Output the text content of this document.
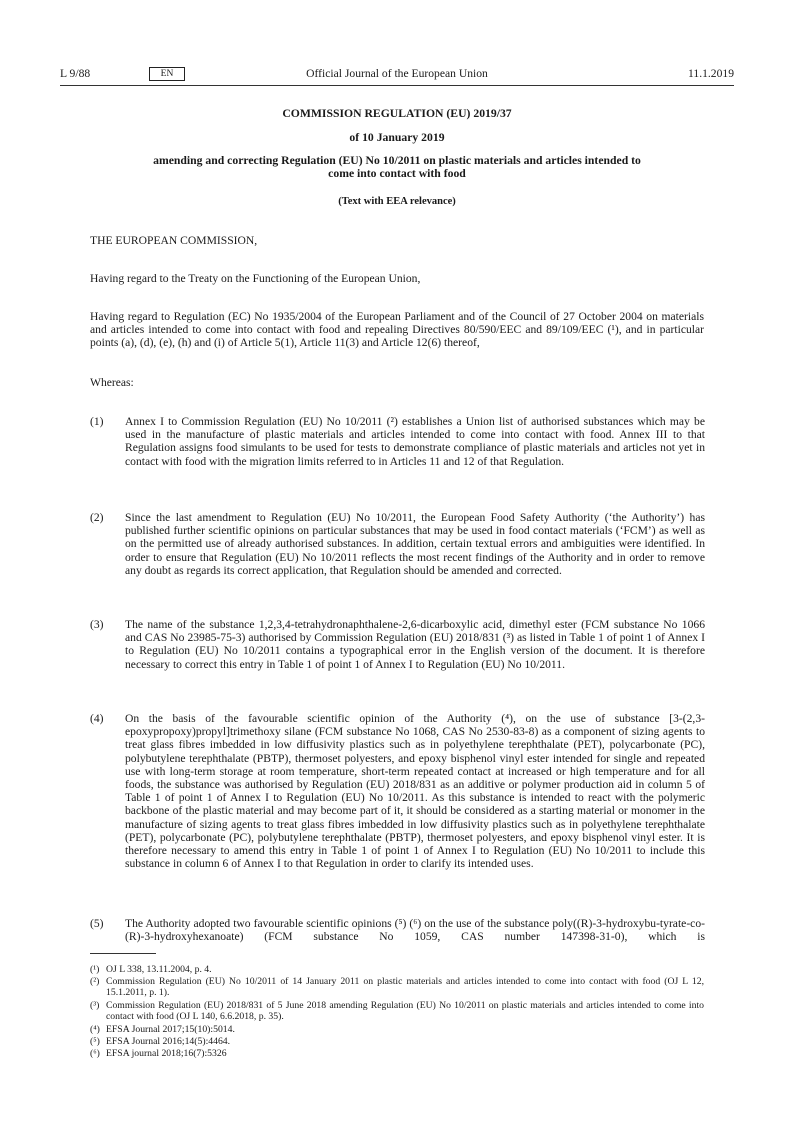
L 9/88	EN	Official Journal of the European Union	11.1.2019
COMMISSION REGULATION (EU) 2019/37
of 10 January 2019
amending and correcting Regulation (EU) No 10/2011 on plastic materials and articles intended to
come into contact with food
(Text with EEA relevance)

THE EUROPEAN COMMISSION,

Having regard to the Treaty on the Functioning of the European Union,

Having regard to Regulation (EC) No 1935/2004 of the European Parliament and of the Council of 27 October 2004 on materials and articles intended to come into contact with food and repealing Directives 80/590/EEC and 89/109/EEC (¹), and in particular points (a), (d), (e), (h) and (i) of Article 5(1), Article 11(3) and Article 12(6) thereof,

Whereas:

(1) Annex I to Commission Regulation (EU) No 10/2011 (²) establishes a Union list of authorised substances which may be used in the manufacture of plastic materials and articles intended to come into contact with food. Annex III to that Regulation assigns food simulants to be used for tests to demonstrate compliance of plastic materials and articles not yet in contact with food with the migration limits referred to in Articles 11 and 12 of that Regulation.

(2) Since the last amendment to Regulation (EU) No 10/2011, the European Food Safety Authority (‘the Authority’) has published further scientific opinions on particular substances that may be used in food contact materials (‘FCM’) as well as on the permitted use of already authorised substances. In addition, certain textual errors and ambiguities were identified. In order to ensure that Regulation (EU) No 10/2011 reflects the most recent findings of the Authority and in order to remove any doubt as regards its correct application, that Regulation should be amended and corrected.

(3) The name of the substance 1,2,3,4-tetrahydronaphthalene-2,6-dicarboxylic acid, dimethyl ester (FCM substance No 1066 and CAS No 23985-75-3) authorised by Commission Regulation (EU) 2018/831 (³) as listed in Table 1 of point 1 of Annex I to Regulation (EU) No 10/2011 contains a typographical error in the English version of the document. It is therefore necessary to correct this entry in Table 1 of point 1 of Annex I to Regulation (EU) No 10/2011.

(4) On the basis of the favourable scientific opinion of the Authority (⁴), on the use of substance [3-(2,3-epoxypropoxy)propyl]trimethoxy silane (FCM substance No 1068, CAS No 2530-83-8) as a component of sizing agents to treat glass fibres imbedded in low diffusivity plastics such as in polyethylene terephthalate (PET), polycarbonate (PC), polybutylene terephthalate (PBTP), thermoset polyesters, and epoxy bisphenol vinyl ester intended for single and repeated use with long-term storage at room temperature, short-term repeated contact at increased or high temperature and for all foods, the substance was authorised by Regulation (EU) 2018/831 as an additive or polymer production aid in column 5 of Table 1 of point 1 of Annex I to Regulation (EU) No 10/2011. As this substance is intended to react with the polymeric backbone of the plastic material and may become part of it, it should be considered as a starting material or monomer in the manufacture of sizing agents to treat glass fibres imbedded in low diffusivity plastics such as in polyethylene terephthalate (PET), polycarbonate (PC), polybutylene terephthalate (PBTP), thermoset polyesters, and epoxy bisphenol vinyl ester. It is therefore necessary to amend this entry in Table 1 of point 1 of Annex I to Regulation (EU) No 10/2011 to include this substance in column 6 of Annex I to that Regulation in order to clarify its intended uses.

(5) The Authority adopted two favourable scientific opinions (⁵) (⁶) on the use of the substance poly((R)-3-hydroxybu-tyrate-co-(R)-3-hydroxyhexanoate) (FCM substance No 1059, CAS number 147398-31-0), which is

(¹) OJ L 338, 13.11.2004, p. 4.
(²) Commission Regulation (EU) No 10/2011 of 14 January 2011 on plastic materials and articles intended to come into contact with food (OJ L 12, 15.1.2011, p. 1).
(³) Commission Regulation (EU) 2018/831 of 5 June 2018 amending Regulation (EU) No 10/2011 on plastic materials and articles intended to come into contact with food (OJ L 140, 6.6.2018, p. 35).
(⁴) EFSA Journal 2017;15(10):5014.
(⁵) EFSA Journal 2016;14(5):4464.
(⁶) EFSA journal 2018;16(7):5326
